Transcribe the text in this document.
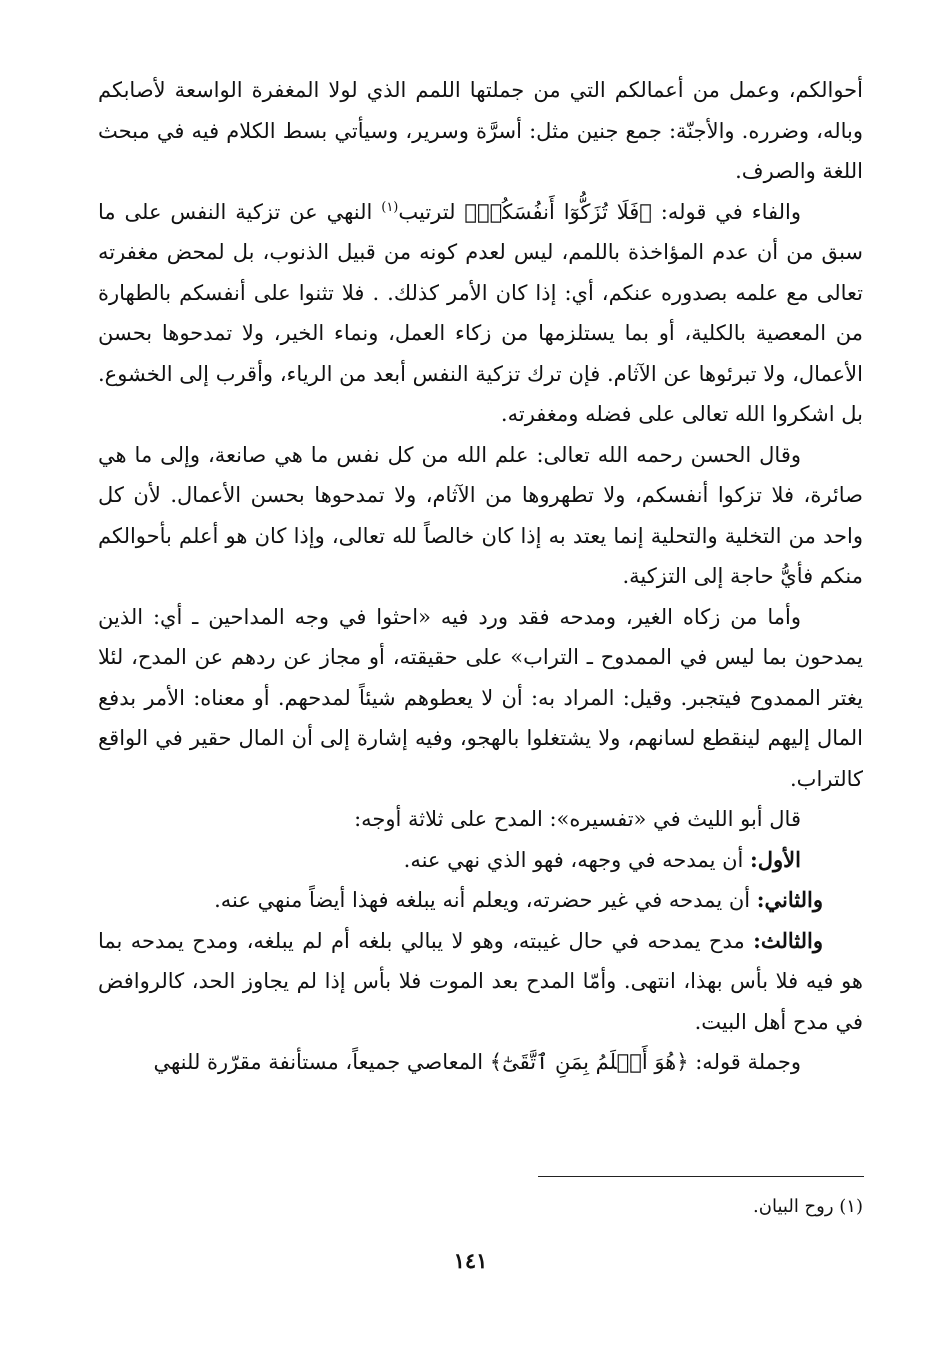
أحوالكم، وعمل من أعمالكم التي من جملتها اللمم الذي لولا المغفرة الواسعة لأصابكم وباله، وضرره. والأجنّة: جمع جنين مثل: أسرَّة وسرير، وسيأتي بسط الكلام فيه في مبحث اللغة والصرف.

والفاء في قوله: ﴿فَلَا تُزَكُّوٓا أَنفُسَكُمۡ﴾ لترتيب$^{(١)}$ النهي عن تزكية النفس على ما سبق من أن عدم المؤاخذة باللمم، ليس لعدم كونه من قبيل الذنوب، بل لمحض مغفرته تعالى مع علمه بصدوره عنكم، أي: إذا كان الأمر كذلك. . فلا تثنوا على أنفسكم بالطهارة من المعصية بالكلية، أو بما يستلزمها من زكاء العمل، ونماء الخير، ولا تمدحوها بحسن الأعمال، ولا تبرئوها عن الآثام. فإن ترك تزكية النفس أبعد من الرياء، وأقرب إلى الخشوع. بل اشكروا الله تعالى على فضله ومغفرته.

وقال الحسن رحمه الله تعالى: علم الله من كل نفس ما هي صانعة، وإلى ما هي صائرة، فلا تزكوا أنفسكم، ولا تطهروها من الآثام، ولا تمدحوها بحسن الأعمال. لأن كل واحد من التخلية والتحلية إنما يعتد به إذا كان خالصاً لله تعالى، وإذا كان هو أعلم بأحوالكم منكم فأيُّ حاجة إلى التزكية.

وأما من زكاه الغير، ومدحه فقد ورد فيه «احثوا في وجه المداحين ـ أي: الذين يمدحون بما ليس في الممدوح ـ التراب» على حقيقته، أو مجاز عن ردهم عن المدح، لئلا يغتر الممدوح فيتجبر. وقيل: المراد به: أن لا يعطوهم شيئاً لمدحهم. أو معناه: الأمر بدفع المال إليهم لينقطع لسانهم، ولا يشتغلوا بالهجو، وفيه إشارة إلى أن المال حقير في الواقع كالتراب.

قال أبو الليث في «تفسيره»: المدح على ثلاثة أوجه:

الأول: أن يمدحه في وجهه، فهو الذي نهي عنه.

والثاني: أن يمدحه في غير حضرته، ويعلم أنه يبلغه فهذا أيضاً منهي عنه.

والثالث: مدح يمدحه في حال غيبته، وهو لا يبالي بلغه أم لم يبلغه، ومدح يمدحه بما هو فيه فلا بأس بهذا، انتهى. وأمّا المدح بعد الموت فلا بأس إذا لم يجاوز الحد، كالروافض في مدح أهل البيت.

وجملة قوله: ﴿هُوَ أَعۡلَمُ بِمَنِ ٱتَّقَىٰٓ﴾ المعاصي جميعاً، مستأنفة مقرّرة للنهي

(١) روح البيان.
١٤١
